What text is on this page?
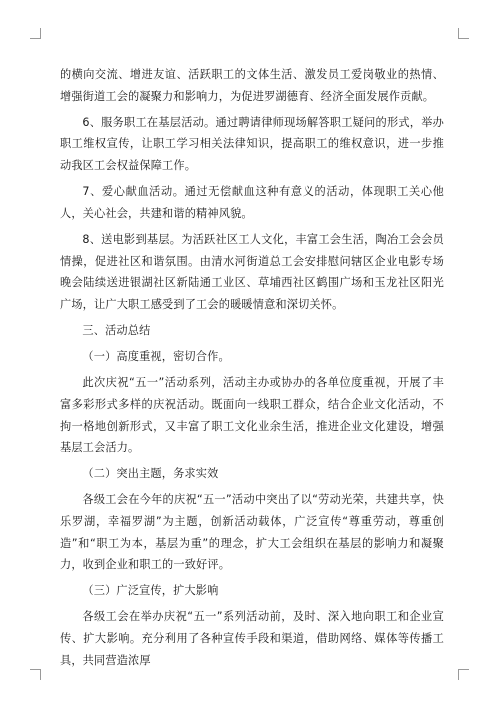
的横向交流、增进友谊、活跃职工的文体生活、激发员工爱岗敬业的热情、增强街道工会的凝聚力和影响力，为促进罗湖德育、经济全面发展作贡献。

6、服务职工在基层活动。通过聘请律师现场解答职工疑问的形式，举办职工维权宣传，让职工学习相关法律知识，提高职工的维权意识，进一步推动我区工会权益保障工作。

7、爱心献血活动。通过无偿献血这种有意义的活动，体现职工关心他人，关心社会，共建和谐的精神风貌。

8、送电影到基层。为活跃社区工人文化，丰富工会生活，陶冶工会会员情操，促进社区和谐氛围。由清水河街道总工会安排慰问辖区企业电影专场晚会陆续送进银湖社区新陆通工业区、草埔西社区鹤围广场和玉龙社区阳光广场，让广大职工感受到了工会的暖暖情意和深切关怀。

三、活动总结

（一）高度重视，密切合作。

此次庆祝“五一”活动系列，活动主办或协办的各单位度重视，开展了丰富多彩形式多样的庆祝活动。既面向一线职工群众，结合企业文化活动，不拘一格地创新形式，又丰富了职工文化业余生活，推进企业文化建设，增强基层工会活力。

（二）突出主题，务求实效

各级工会在今年的庆祝“五一”活动中突出了以“劳动光荣，共建共享，快乐罗湖，幸福罗湖”为主题，创新活动载体，广泛宣传“尊重劳动，尊重创造”和“职工为本，基层为重”的理念，扩大工会组织在基层的影响力和凝聚力，收到企业和职工的一致好评。

（三）广泛宣传，扩大影响

各级工会在举办庆祝“五一”系列活动前，及时、深入地向职工和企业宣传、扩大影响。充分利用了各种宣传手段和渠道，借助网络、媒体等传播工具，共同营造浓厚
